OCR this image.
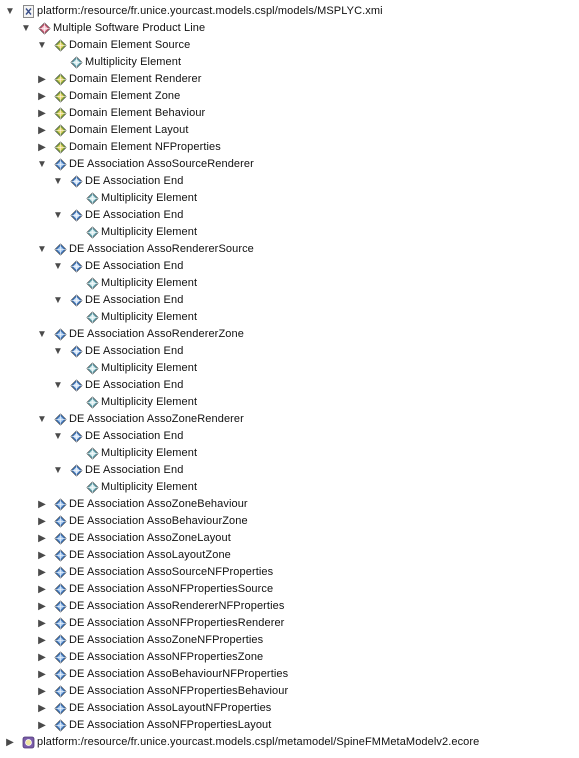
▼ platform:/resource/fr.unice.yourcast.models.cspl/models/MSPLYC.xmi
▼ Multiple Software Product Line
▼ Domain Element Source
Multiplicity Element
▶ Domain Element Renderer
▶ Domain Element Zone
▶ Domain Element Behaviour
▶ Domain Element Layout
▶ Domain Element NFProperties
▼ DE Association AssoSourceRenderer
▼ DE Association End
Multiplicity Element
▼ DE Association End
Multiplicity Element
▼ DE Association AssoRendererSource
▼ DE Association End
Multiplicity Element
▼ DE Association End
Multiplicity Element
▼ DE Association AssoRendererZone
▼ DE Association End
Multiplicity Element
▼ DE Association End
Multiplicity Element
▼ DE Association AssoZoneRenderer
▼ DE Association End
Multiplicity Element
▼ DE Association End
Multiplicity Element
▶ DE Association AssoZoneBehaviour
▶ DE Association AssoBehaviourZone
▶ DE Association AssoZoneLayout
▶ DE Association AssoLayoutZone
▶ DE Association AssoSourceNFProperties
▶ DE Association AssoNFPropertiesSource
▶ DE Association AssoRendererNFProperties
▶ DE Association AssoNFPropertiesRenderer
▶ DE Association AssoZoneNFProperties
▶ DE Association AssoNFPropertiesZone
▶ DE Association AssoBehaviourNFProperties
▶ DE Association AssoNFPropertiesBehaviour
▶ DE Association AssoLayoutNFProperties
▶ DE Association AssoNFPropertiesLayout
▶ platform:/resource/fr.unice.yourcast.models.cspl/metamodel/SpineFMMetaModelv2.ecore
